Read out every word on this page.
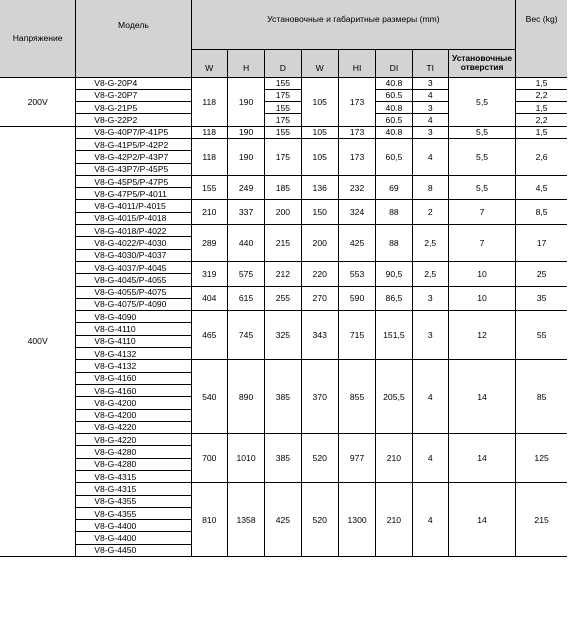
Напряжение	Модель	Установочные и габаритные размеры (mm)								Вес (kg)
		W	H	D	W	HI	DI	TI	Установочные отверстия	
200V	V8-G-20P4	118	190	155	105	173	40.8	3	5,5	1,5
	V8-G-20P7			175			60.5	4		2,2
	V8-G-21P5			155			40.8	3		1,5
	V8-G-22P2			175			60.5	4		2,2
400V	V8-G-40P7/P-41P5	118	190	155	105	173	40.8	3	5,5	1,5
	V8-G-41P5/P-42P2	118	190	175	105	173	60,5	4	5,5	2,6
	V8-G-42P2/P-43P7									
	V8-G-43P7/P-45P5									
	V8-G-45P5/P-47P5	155	249	185	136	232	69	8	5,5	4,5
	V8-G-47P5/P-4011									
	V8-G-4011/P-4015	210	337	200	150	324	88	2	7	8,5
	V8-G-4015/P-4018									
	V8-G-4018/P-4022	289	440	215	200	425	88	2,5	7	17
	V8-G-4022/P-4030									
	V8-G-4030/P-4037									
	V8-G-4037/P-4045	319	575	212	220	553	90,5	2,5	10	25
	V8-G-4045/P-4055									
	V8-G-4055/P-4075	404	615	255	270	590	86,5	3	10	35
	V8-G-4075/P-4090									
	V8-G-4090	465	745	325	343	715	151,5	3	12	55
	V8-G-4110									
	V8-G-4110									
	V8-G-4132									
	V8-G-4132	540	890	385	370	855	205,5	4	14	85
	V8-G-4160									
	V8-G-4160									
	V8-G-4200									
	V8-G-4200									
	V8-G-4220									
	V8-G-4220	700	1010	385	520	977	210	4	14	125
	V8-G-4280									
	V8-G-4280									
	V8-G-4315									
	V8-G-4315	810	1358	425	520	1300	210	4	14	215
	V8-G-4355									
	V8-G-4355									
	V8-G-4400									
	V8-G-4400									
	V8-G-4450									
